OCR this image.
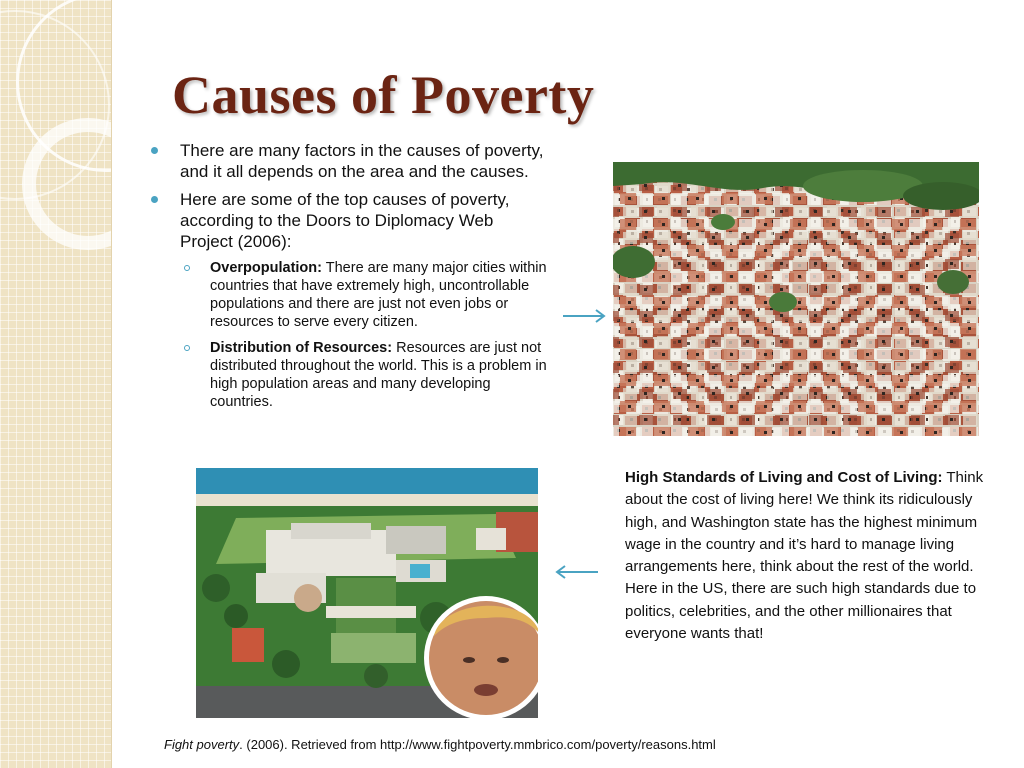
Causes of Poverty
There are many factors in the causes of poverty, and it all depends on the area and the causes.
Here are some of the top causes of poverty, according to the Doors to Diplomacy Web Project (2006):
Overpopulation: There are many major cities within countries that have extremely high, uncontrollable populations and there are just not even jobs or resources to serve every citizen.
Distribution of Resources: Resources are just not distributed throughout the world. This is a problem in high population areas and many developing countries.
High Standards of Living and Cost of Living: Think about the cost of living here! We think its ridiculously high, and Washington state has the highest minimum wage in the country and it’s hard to manage living arrangements here, think about the rest of the world. Here in the US, there are such high standards due to politics, celebrities, and the other millionaires that everyone wants that!
Fight poverty. (2006). Retrieved from http://www.fightpoverty.mmbrico.com/poverty/reasons.html
